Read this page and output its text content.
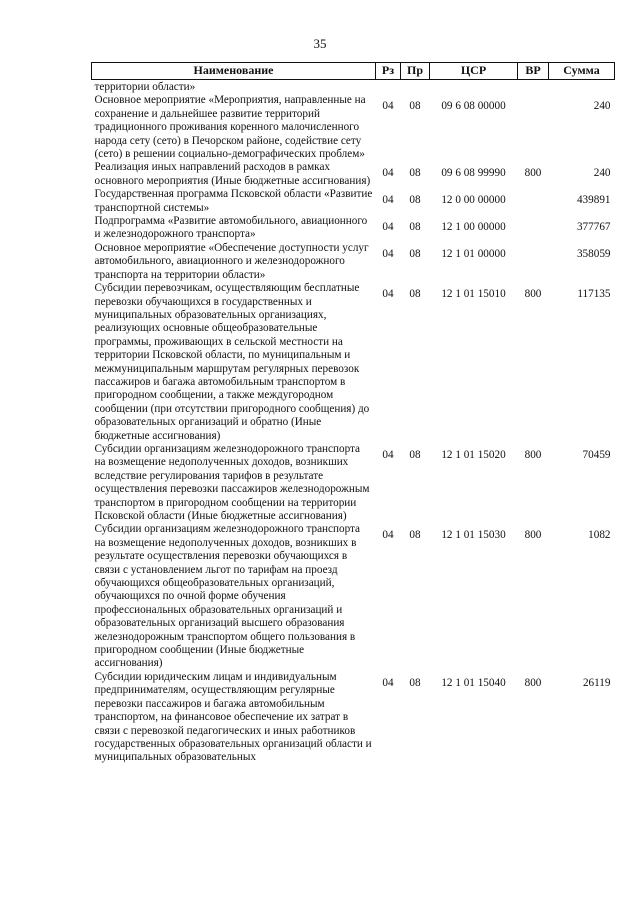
35
Наименование	Рз	Пр	ЦСР	ВР	Сумма
территории области»					
Основное мероприятие «Мероприятия, направленные на сохранение и дальнейшее развитие территорий традиционного проживания коренного малочисленного народа сету (сето) в Печорском районе, содействие сету (сето) в решении социально-демографических проблем»	04	08	09 6 08 00000		240
Реализация иных направлений расходов в рамках основного мероприятия (Иные бюджетные ассигнования)	04	08	09 6 08 99990	800	240
Государственная программа Псковской области «Развитие транспортной системы»	04	08	12 0 00 00000		439891
Подпрограмма «Развитие автомобильного, авиационного и железнодорожного транспорта»	04	08	12 1 00 00000		377767
Основное мероприятие «Обеспечение доступности услуг автомобильного, авиационного и железнодорожного транспорта на территории области»	04	08	12 1 01 00000		358059
Субсидии перевозчикам, осуществляющим бесплатные перевозки обучающихся в государственных и муниципальных образовательных организациях, реализующих основные общеобразовательные программы, проживающих в сельской местности на территории Псковской области, по муниципальным и межмуниципальным маршрутам регулярных перевозок пассажиров и багажа автомобильным транспортом в пригородном сообщении, а также междугородном сообщении (при отсутствии пригородного сообщения) до образовательных организаций и обратно (Иные бюджетные ассигнования)	04	08	12 1 01 15010	800	117135
Субсидии организациям железнодорожного транспорта на возмещение недополученных доходов, возникших вследствие регулирования тарифов в результате осуществления перевозки пассажиров железнодорожным транспортом в пригородном сообщении на территории Псковской области (Иные бюджетные ассигнования)	04	08	12 1 01 15020	800	70459
Субсидии организациям железнодорожного транспорта на возмещение недополученных доходов, возникших в результате осуществления перевозки обучающихся в связи с установлением льгот по тарифам на проезд обучающихся общеобразовательных организаций, обучающихся по очной форме обучения профессиональных образовательных организаций и образовательных организаций высшего образования железнодорожным транспортом общего пользования в пригородном сообщении (Иные бюджетные ассигнования)	04	08	12 1 01 15030	800	1082
Субсидии юридическим лицам и индивидуальным предпринимателям, осуществляющим регулярные перевозки пассажиров и багажа автомобильным транспортом, на финансовое обеспечение их затрат в связи с перевозкой педагогических и иных работников государственных образовательных организаций области и муниципальных образовательных	04	08	12 1 01 15040	800	26119
